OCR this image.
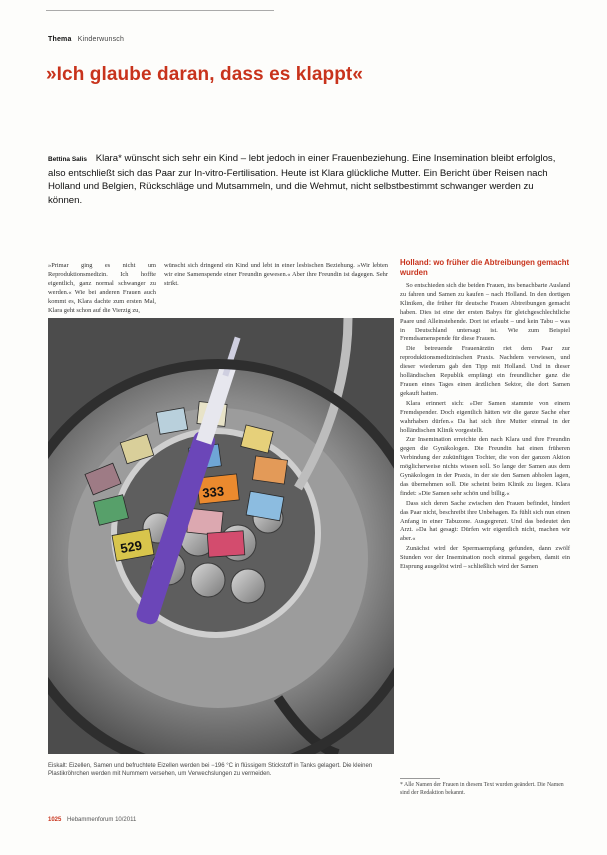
Thema Kinderwunsch
»Ich glaube daran, dass es klappt«
Bettina Salis Klara* wünscht sich sehr ein Kind – lebt jedoch in einer Frauenbeziehung. Eine Insemination bleibt erfolglos, also entschließt sich das Paar zur In-vitro-Fertilisation. Heute ist Klara glückliche Mutter. Ein Bericht über Reisen nach Holland und Belgien, Rückschläge und Mutsammeln, und die Wehmut, nicht selbstbestimmt schwanger werden zu können.
»Primar ging es nicht um Reproduktionsmedizin. Ich hoffte eigentlich, ganz normal schwanger zu werden.« Wie bei anderen Frauen auch kommt es, Klara dachte zum ersten Mal, Klara geht schon auf die Vierzig zu,
wünscht sich dringend ein Kind und lebt in einer lesbischen Beziehung. »Wir lebten wir eine Samenspende einer Freundin gewesen.« Aber ihre Freundin ist dagegen. Sehr strikt.
Holland: wo früher die Abtreibungen gemacht wurden

So entschieden sich die beiden Frauen, ins benachbarte Ausland zu fahren und Samen zu kaufen – nach Holland. In den dortigen Kliniken, die früher für deutsche Frauen Abtreibungen gemacht haben. Dies ist eine der ersten Babys für gleichgeschlechtliche Paare und Alleinstehende. Dort ist erlaubt – und kein Tabu – was in Deutschland untersagt ist. Wie zum Beispiel Fremdsamenspende für diese Frauen.

Die betreuende Frauenärztin riet dem Paar zur reproduktionsmedizinischen Praxis. Nachdem verwiesen, und dieser wiederum gab den Tipp mit Holland. Und in dieser holländischen Republik empfängt ein freundlicher ganz die Frauen eines Tages einen ärztlichen Sektor, die dort Samen gekauft hatten.

Klara erinnert sich: »Der Samen stammte von einem Fremdspender. Doch eigentlich hätten wir die ganze Sache eher wahrhaben dürfen.« Da hat sich ihre Mutter einmal in der holländischen Klinik vorgestellt.

Zur Insemination erreichte den nach Klara und ihre Freundin gegen die Gynäkologen. Die Freundin hat einen früheren Verbindung der zukünftigen Tochter, die von der ganzen Aktion möglicherweise nichts wissen soll. So lange der Samen aus dem Gynäkologen in der Praxis, in der sie den Samen abholen lagen, das übernehmen soll. Die scheint beim Klinik zu liegen. Klara findet: »Die Samen sehr schön und billig.«

Dass sich deren Sache zwischen den Frauen befindet, hindert das Paar nicht, beschreibt ihre Unbehagen. Es fühlt sich nun einen Anfang in einer Tabuzone. Ausgegrenzt. Und das bedeutet den Arzt. »Da hat gesagt: Dürfen wir eigentlich nicht, machen wir aber.«

Zunächst wird der Spermaempfang gefunden, dann zwölf Stunden vor der Insemination noch einmal gegeben, damit ein Eisprung ausgelöst wird – schließlich wird der Samen

333
529
Eiskalt: Eizellen, Samen und befruchtete Eizellen werden bei −196 °C in flüssigem Stickstoff in Tanks gelagert. Die kleinen Plastikröhrchen werden mit Nummern versehen, um Verwechslungen zu vermeiden.
* Alle Namen der Frauen in diesem Text wurden geändert. Die Namen sind der Redaktion bekannt.
1025 Hebammenforum 10/2011
